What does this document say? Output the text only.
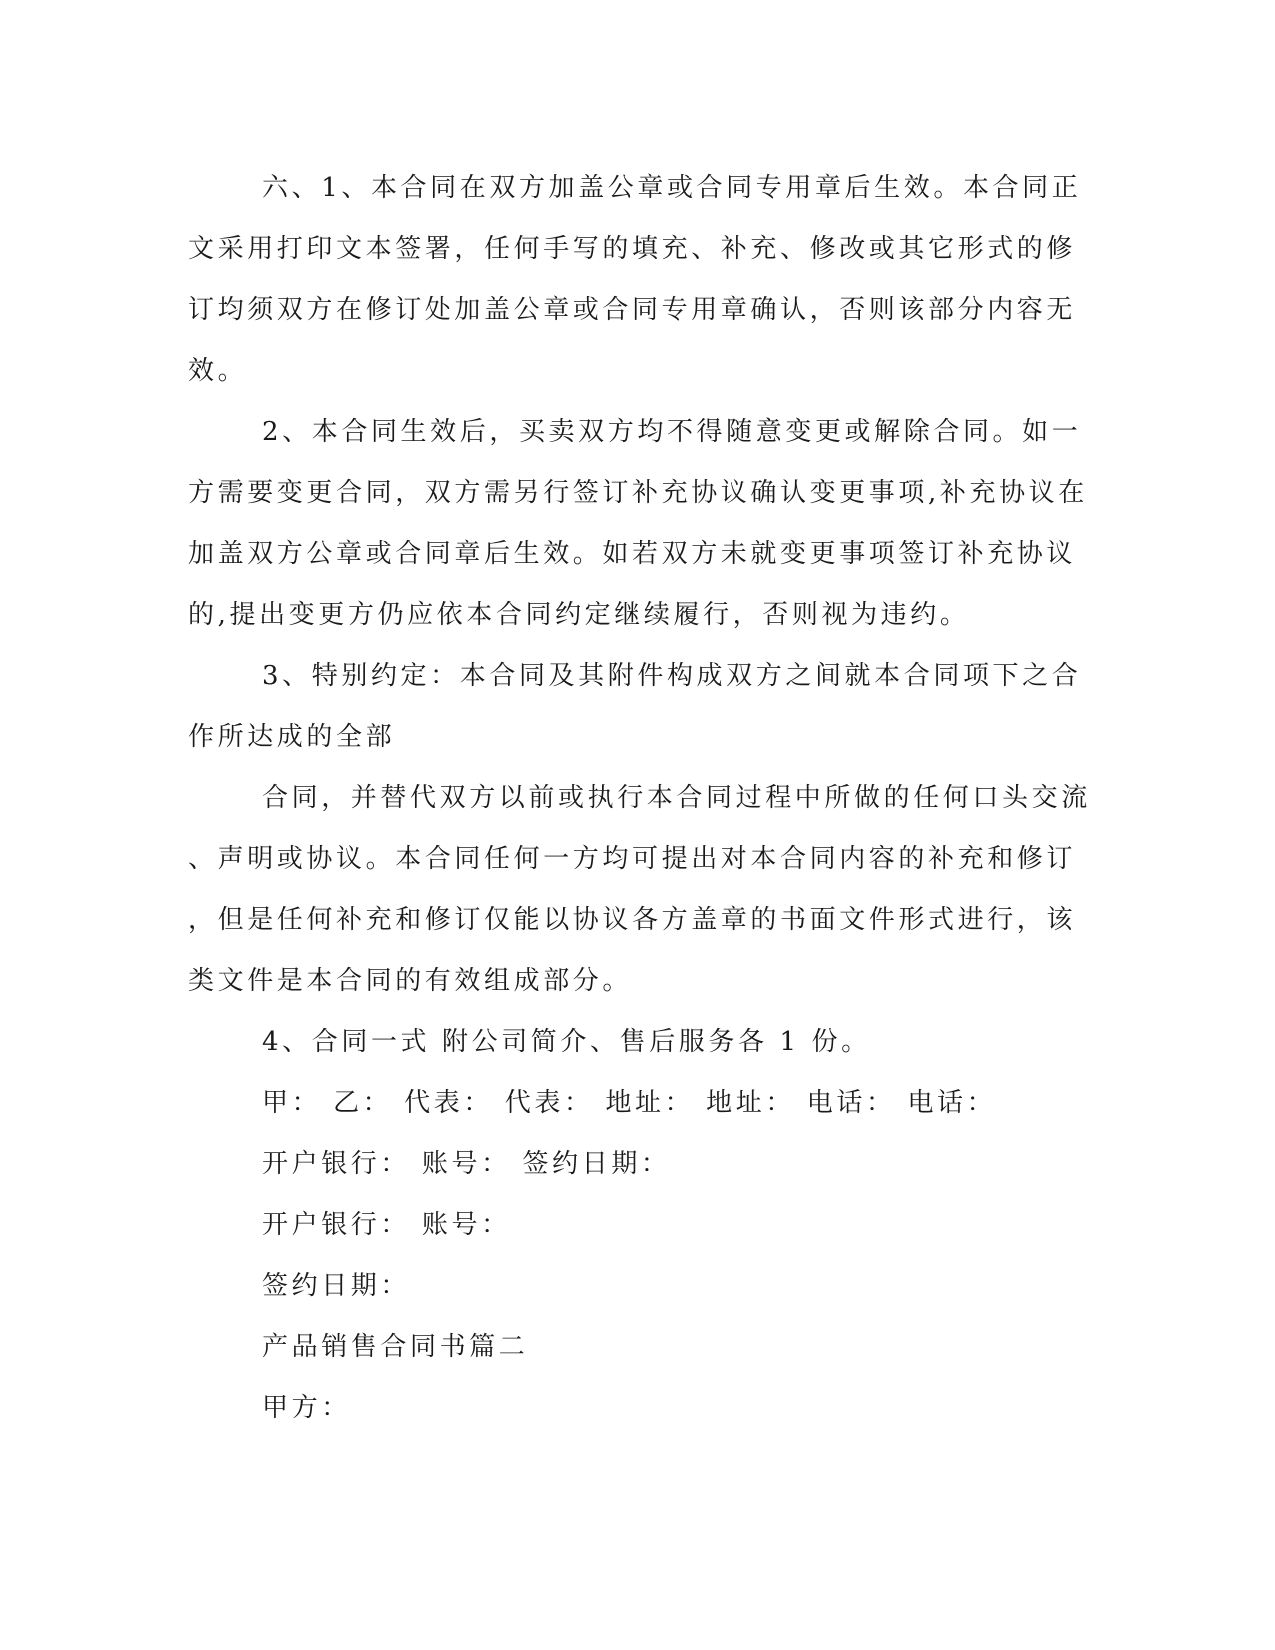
六、1、本合同在双方加盖公章或合同专用章后生效。本合同正
文采用打印文本签署，任何手写的填充、补充、修改或其它形式的修
订均须双方在修订处加盖公章或合同专用章确认，否则该部分内容无
效。
2、本合同生效后，买卖双方均不得随意变更或解除合同。如一
方需要变更合同，双方需另行签订补充协议确认变更事项,补充协议在
加盖双方公章或合同章后生效。如若双方未就变更事项签订补充协议
的,提出变更方仍应依本合同约定继续履行，否则视为违约。
3、特别约定：本合同及其附件构成双方之间就本合同项下之合
作所达成的全部
合同，并替代双方以前或执行本合同过程中所做的任何口头交流
、声明或协议。本合同任何一方均可提出对本合同内容的补充和修订
，但是任何补充和修订仅能以协议各方盖章的书面文件形式进行，该
类文件是本合同的有效组成部分。
4、合同一式 附公司简介、售后服务各 1 份。
甲： 乙： 代表： 代表： 地址： 地址： 电话： 电话：
开户银行： 账号： 签约日期：
开户银行： 账号：
签约日期：
产品销售合同书篇二
甲方：
